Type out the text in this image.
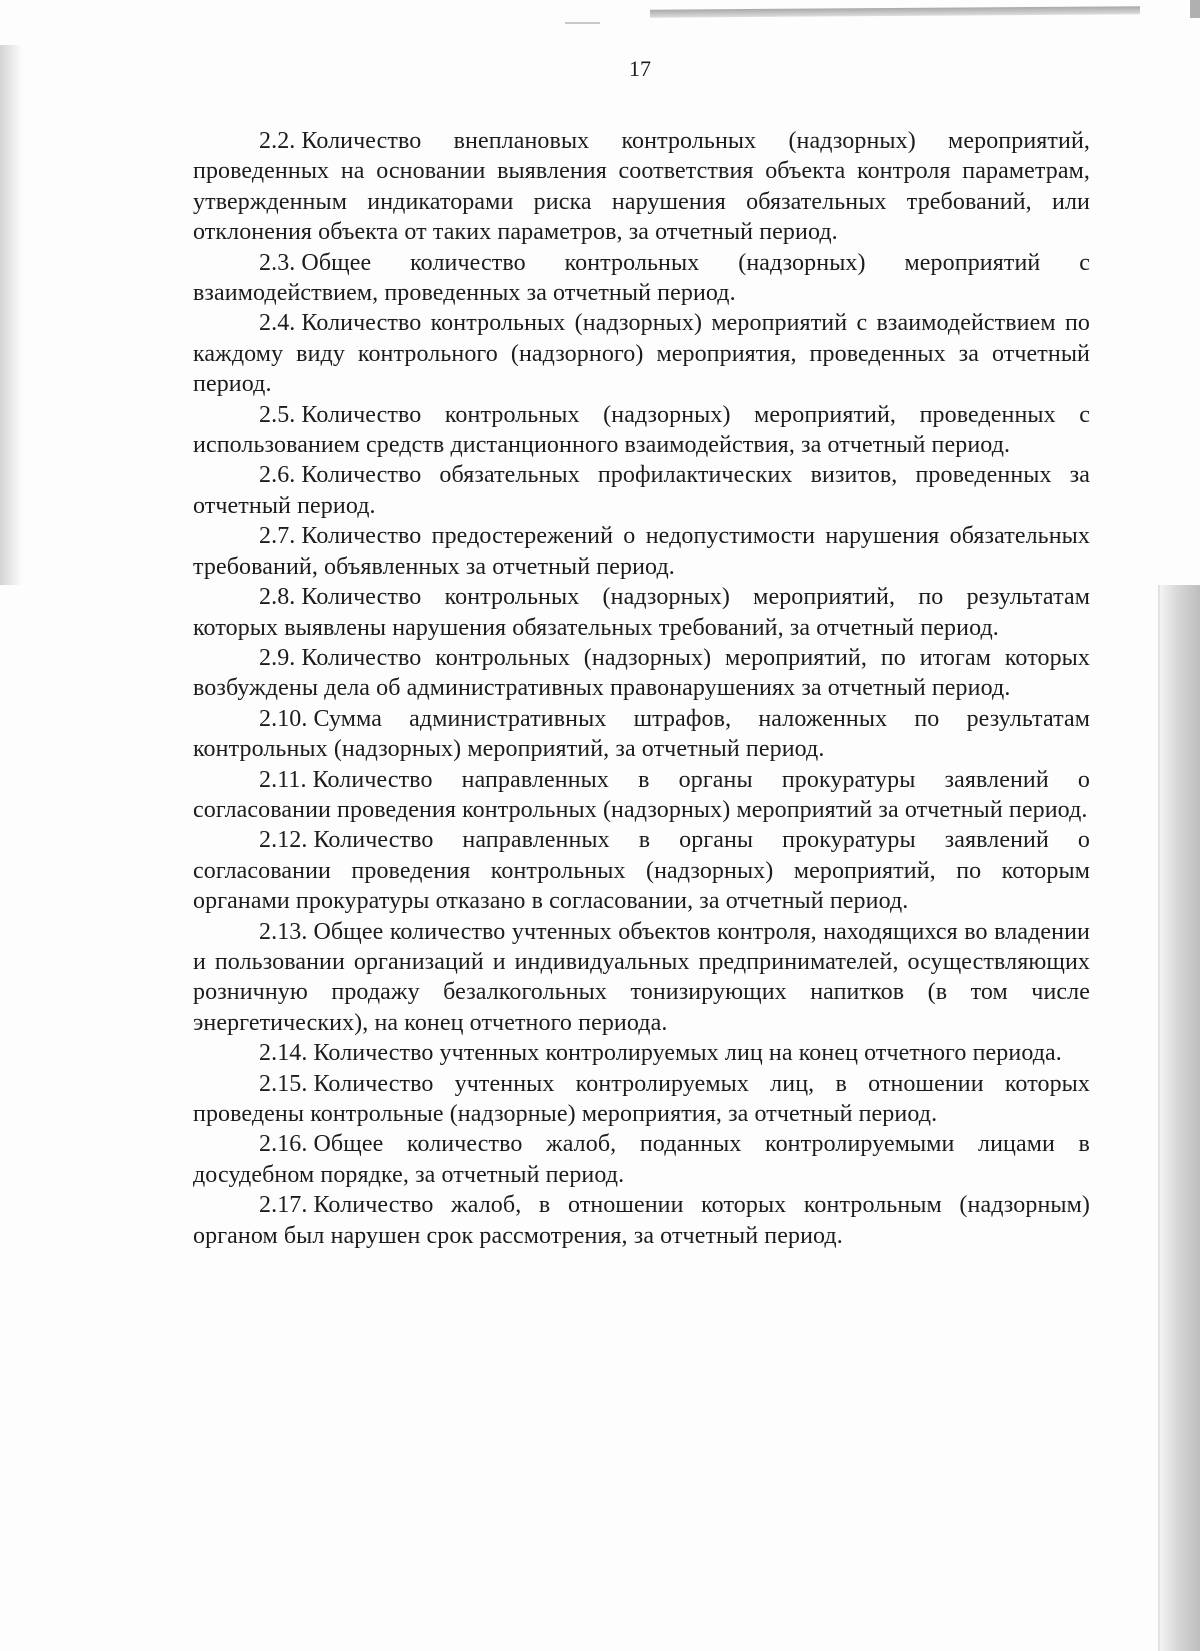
17

2.2. Количество внеплановых контрольных (надзорных) мероприятий, проведенных на основании выявления соответствия объекта контроля параметрам, утвержденным индикаторами риска нарушения обязательных требований, или отклонения объекта от таких параметров, за отчетный период.

2.3. Общее количество контрольных (надзорных) мероприятий с взаимодействием, проведенных за отчетный период.

2.4. Количество контрольных (надзорных) мероприятий с взаимодействием по каждому виду контрольного (надзорного) мероприятия, проведенных за отчетный период.

2.5. Количество контрольных (надзорных) мероприятий, проведенных с использованием средств дистанционного взаимодействия, за отчетный период.

2.6. Количество обязательных профилактических визитов, проведенных за отчетный период.

2.7. Количество предостережений о недопустимости нарушения обязательных требований, объявленных за отчетный период.

2.8. Количество контрольных (надзорных) мероприятий, по результатам которых выявлены нарушения обязательных требований, за отчетный период.

2.9. Количество контрольных (надзорных) мероприятий, по итогам которых возбуждены дела об административных правонарушениях за отчетный период.

2.10. Сумма административных штрафов, наложенных по результатам контрольных (надзорных) мероприятий, за отчетный период.

2.11. Количество направленных в органы прокуратуры заявлений о согласовании проведения контрольных (надзорных) мероприятий за отчетный период.

2.12. Количество направленных в органы прокуратуры заявлений о согласовании проведения контрольных (надзорных) мероприятий, по которым органами прокуратуры отказано в согласовании, за отчетный период.

2.13. Общее количество учтенных объектов контроля, находящихся во владении и пользовании организаций и индивидуальных предпринимателей, осуществляющих розничную продажу безалкогольных тонизирующих напитков (в том числе энергетических), на конец отчетного периода.

2.14. Количество учтенных контролируемых лиц на конец отчетного периода.

2.15. Количество учтенных контролируемых лиц, в отношении которых проведены контрольные (надзорные) мероприятия, за отчетный период.

2.16. Общее количество жалоб, поданных контролируемыми лицами в досудебном порядке, за отчетный период.

2.17. Количество жалоб, в отношении которых контрольным (надзорным) органом был нарушен срок рассмотрения, за отчетный период.
